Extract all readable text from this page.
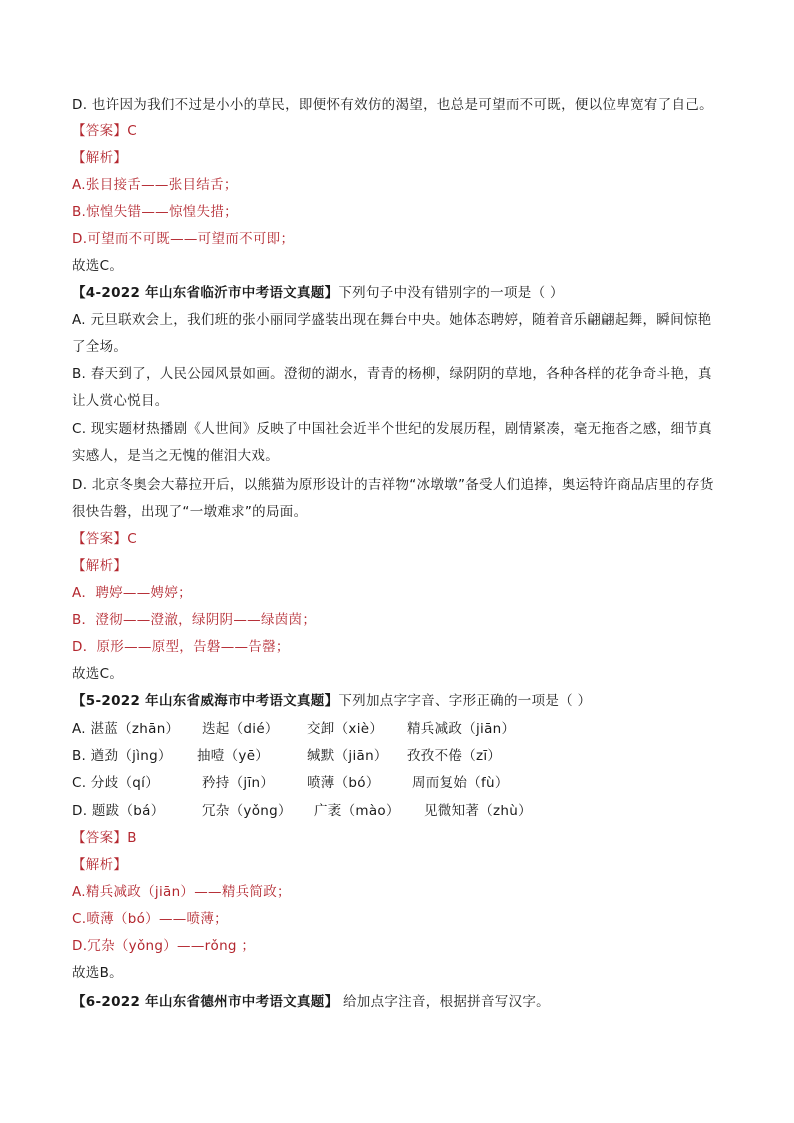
D. 也许因为我们不过是小小的草民，即便怀有效仿的渴望，也总是可望而不可既，便以位卑宽宥了自己。
【答案】C
【解析】
A.张目接舌——张目结舌；
B.惊惶失错——惊惶失措；
D.可望而不可既——可望而不可即；
故选C。
【4-2022 年山东省临沂市中考语文真题】下列句子中没有错别字的一项是（ ）
A. 元旦联欢会上，我们班的张小丽同学盛装出现在舞台中央。她体态聘婷，随着音乐翩翩起舞，瞬间惊艳
了全场。
B. 春天到了，人民公园风景如画。澄彻的湖水，青青的杨柳，绿阴阴的草地，各种各样的花争奇斗艳，真
让人赏心悦目。
C. 现实题材热播剧《人世间》反映了中国社会近半个世纪的发展历程，剧情紧凑，毫无拖沓之感，细节真
实感人，是当之无愧的催泪大戏。
D. 北京冬奥会大幕拉开后，以熊猫为原形设计的吉祥物“冰墩墩”备受人们追捧，奥运特许商品店里的存货
很快告磐，出现了“一墩难求”的局面。
【答案】C
【解析】
A．聘婷——娉婷；
B．澄彻——澄澈，绿阴阴——绿茵茵；
D．原形——原型，告磐——告罄；
故选C。
【5-2022 年山东省威海市中考语文真题】下列加点字字音、字形正确的一项是（ ）
A. 湛蓝（zhān） 迭起（dié） 交卸（xiè） 精兵减政（jiān）
B. 遒劲（jìng） 抽噎（yē）	缄默（jiān） 孜孜不倦（zī）
C. 分歧（qí）	矜持（jīn） 喷薄（bó） 周而复始（fù）
D. 题跋（bá）	冗杂（yǒng） 广袤（mào） 见微知著（zhù）
【答案】B
【解析】
A.精兵减政（jiān）——精兵简政；
C.喷薄（bó）——喷薄；
D.冗杂（yǒng）——rǒng ；
故选B。
【6-2022 年山东省德州市中考语文真题】 给加点字注音，根据拼音写汉字。
